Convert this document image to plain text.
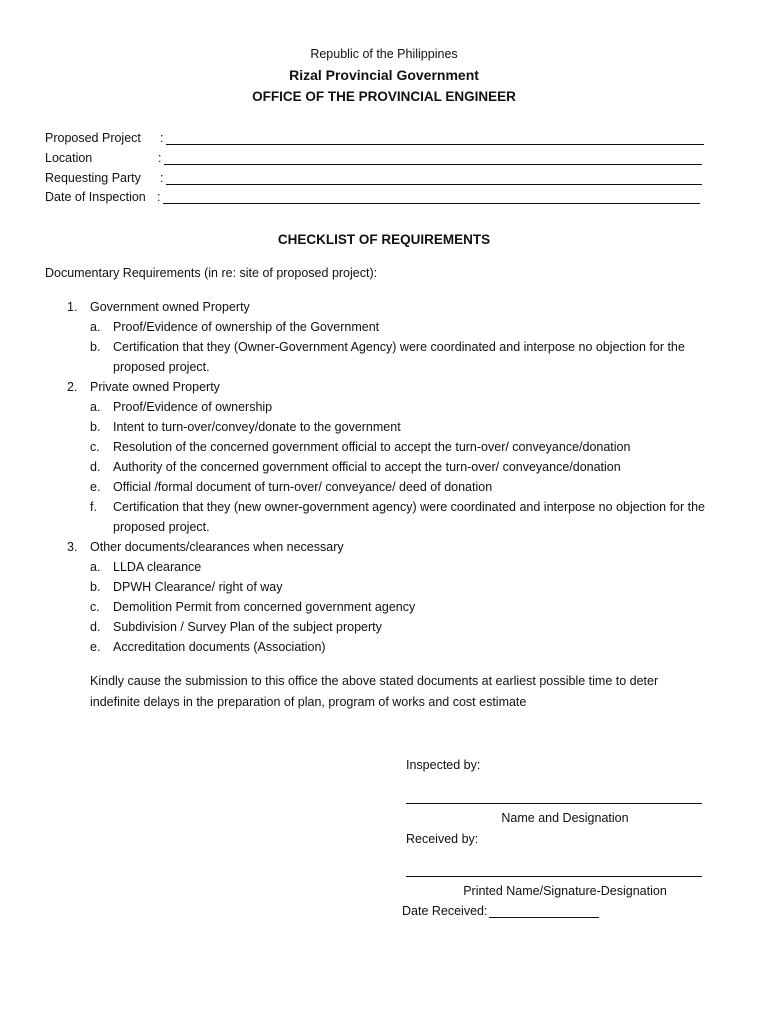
Republic of the Philippines
Rizal Provincial Government
OFFICE OF THE PROVINCIAL ENGINEER
Proposed Project :
Location	:
Requesting Party :
Date of Inspection :
CHECKLIST OF REQUIREMENTS
Documentary Requirements (in re: site of proposed project):
1. Government owned Property
a. Proof/Evidence of ownership of the Government
b. Certification that they (Owner-Government Agency) were coordinated and interpose no objection for the proposed project.
2. Private owned Property
a. Proof/Evidence of ownership
b. Intent to turn-over/convey/donate to the government
c. Resolution of the concerned government official to accept the turn-over/ conveyance/donation
d. Authority of the concerned government official to accept the turn-over/ conveyance/donation
e. Official /formal document of turn-over/ conveyance/ deed of donation
f. Certification that they (new owner-government agency) were coordinated and interpose no objection for the proposed project.
3. Other documents/clearances when necessary
a. LLDA clearance
b. DPWH Clearance/ right of way
c. Demolition Permit from concerned government agency
d. Subdivision / Survey Plan of the subject property
e. Accreditation documents (Association)
Kindly cause the submission to this office the above stated documents at earliest possible time to deter indefinite delays in the preparation of plan, program of works and cost estimate
Inspected by:
Name and Designation
Received by:
Printed Name/Signature-Designation
Date Received:
